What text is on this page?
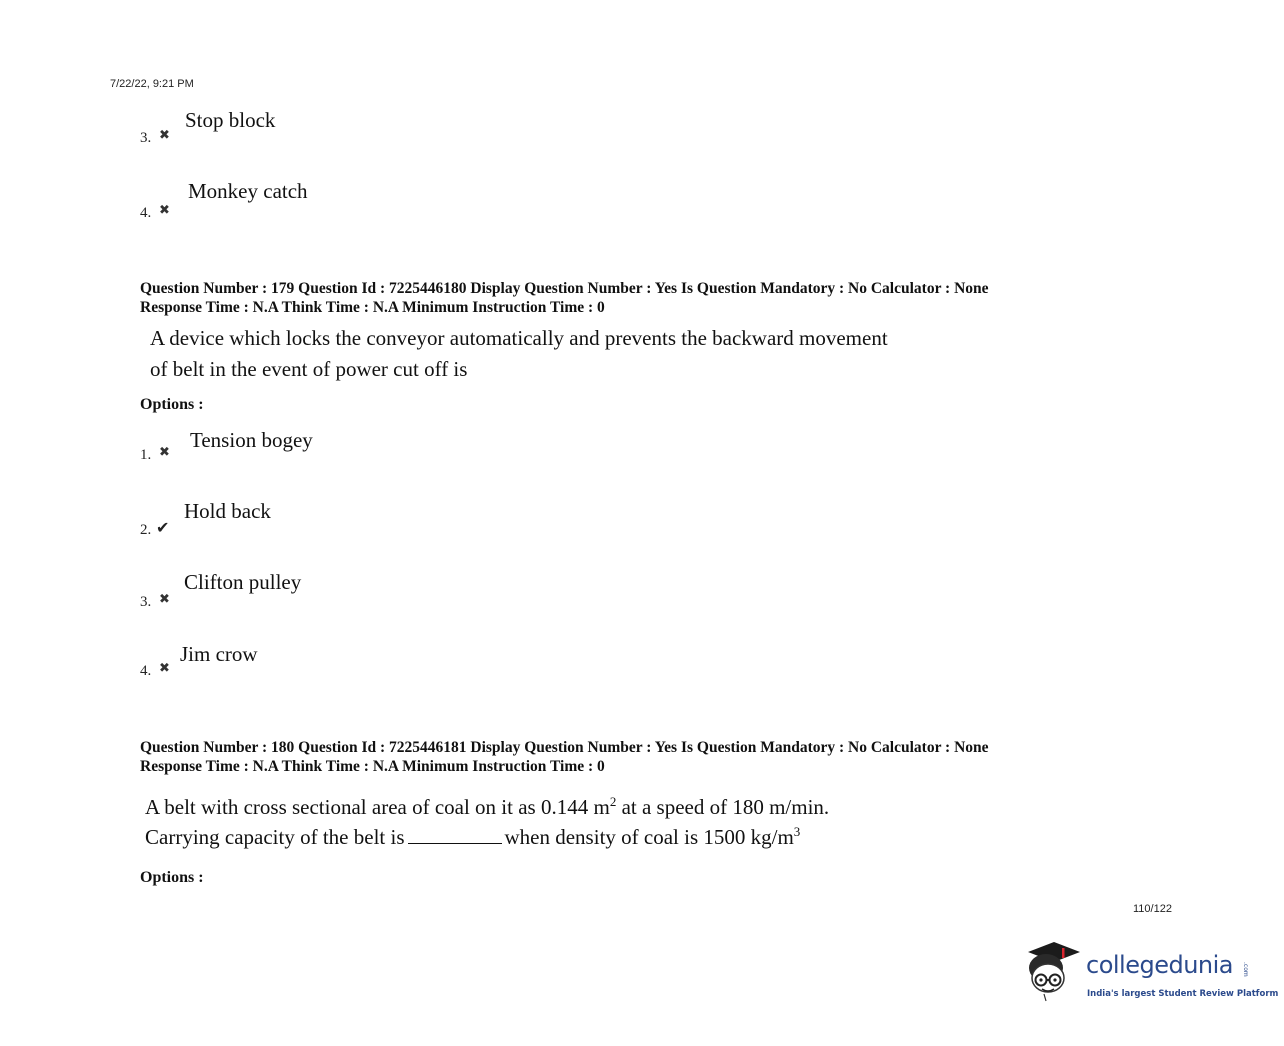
7/22/22, 9:21 PM
3. ✖
Stop block
4. ✖
Monkey catch
Question Number : 179 Question Id : 7225446180 Display Question Number : Yes Is Question Mandatory : No Calculator : None
Response Time : N.A Think Time : N.A Minimum Instruction Time : 0
A device which locks the conveyor automatically and prevents the backward movement
of belt in the event of power cut off is
Options :
1. ✖
Tension bogey
2. ✔
Hold back
3. ✖
Clifton pulley
4. ✖
Jim crow
Question Number : 180 Question Id : 7225446181 Display Question Number : Yes Is Question Mandatory : No Calculator : None
Response Time : N.A Think Time : N.A Minimum Instruction Time : 0
A belt with cross sectional area of coal on it as 0.144 $m^2$ at a speed of 180 m/min.
Carrying capacity of the belt is	when density of coal is 1500 $kg/m^3$
Options :
110/122
collegedunia .com
India's largest Student Review Platform
